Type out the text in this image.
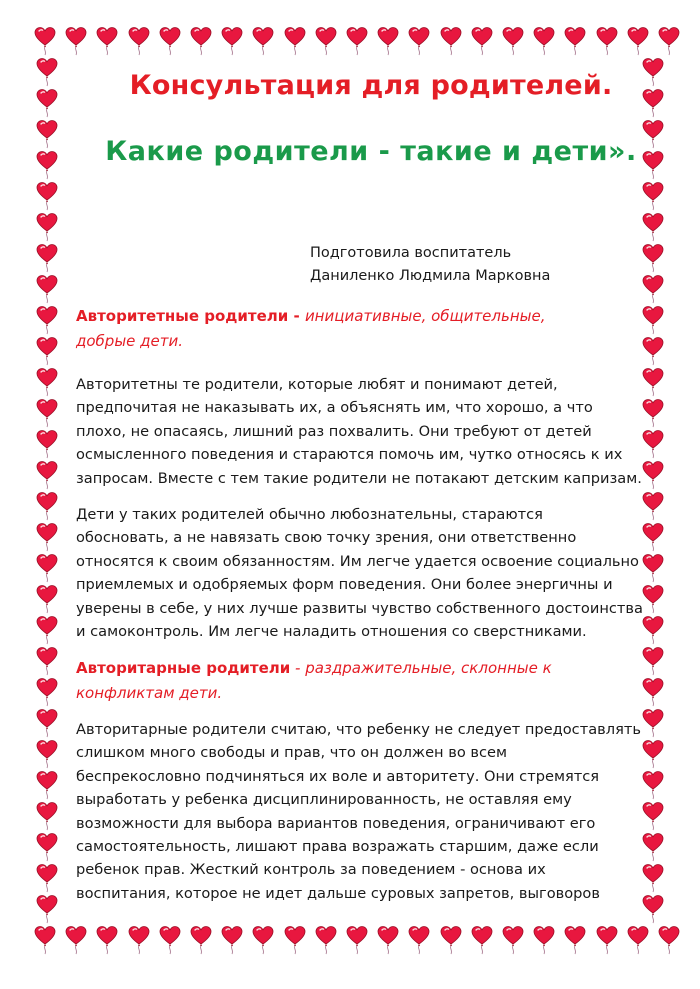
Консультация для родителей.
Какие родители - такие и дети».
Подготовила воспитатель
Даниленко Людмила Марковна
Авторитетные родители - инициативные, общительные,
добрые дети.
Авторитетны те родители, которые любят и понимают детей,
предпочитая не наказывать их, а объяснять им, что хорошо, а что
плохо, не опасаясь, лишний раз похвалить. Они требуют от детей
осмысленного поведения и стараются помочь им, чутко относясь к их
запросам. Вместе с тем такие родители не потакают детским капризам.
Дети у таких родителей обычно любознательны, стараются
обосновать, а не навязать свою точку зрения, они ответственно
относятся к своим обязанностям. Им легче удается освоение социально
приемлемых и одобряемых форм поведения. Они более энергичны и
уверены в себе, у них лучше развиты чувство собственного достоинства
и самоконтроль. Им легче наладить отношения со сверстниками.
Авторитарные родители - раздражительные, склонные к
конфликтам дети.
Авторитарные родители считаю, что ребенку не следует предоставлять
слишком много свободы и прав, что он должен во всем
беспрекословно подчиняться их воле и авторитету. Они стремятся
выработать у ребенка дисциплинированность, не оставляя ему
возможности для выбора вариантов поведения, ограничивают его
самостоятельность, лишают права возражать старшим, даже если
ребенок прав. Жесткий контроль за поведением - основа их
воспитания, которое не идет дальше суровых запретов, выговоров
